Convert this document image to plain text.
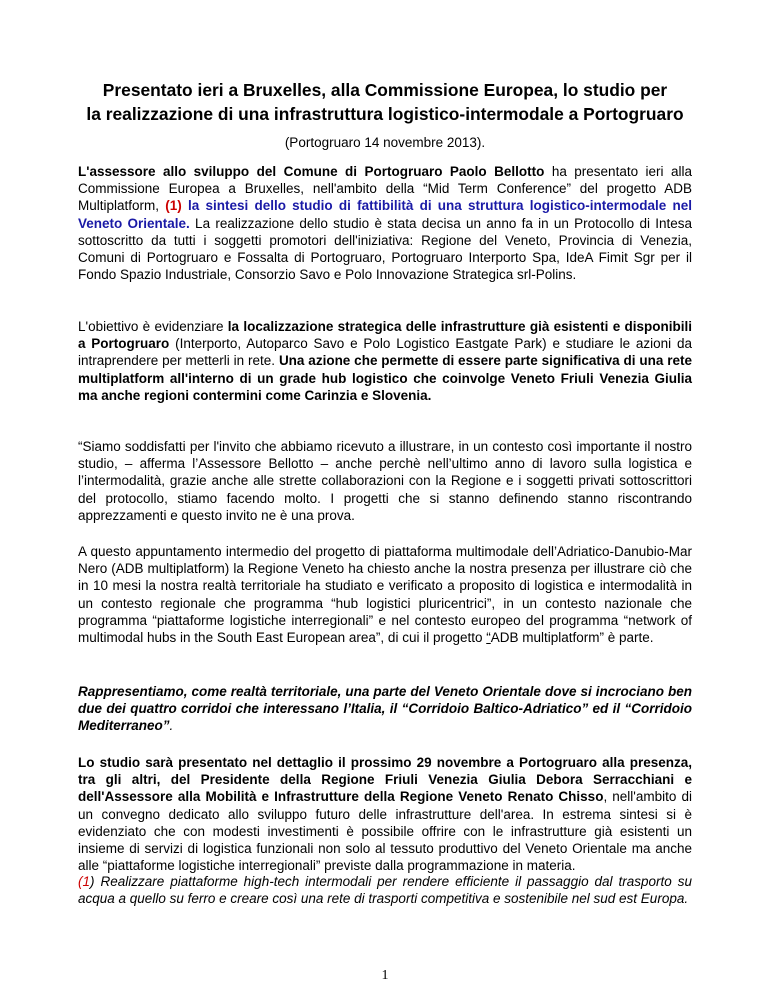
Presentato ieri a Bruxelles, alla Commissione Europea, lo studio per
la realizzazione di una infrastruttura logistico-intermodale a Portogruaro
(Portogruaro 14 novembre 2013).
L'assessore allo sviluppo del Comune di Portogruaro Paolo Bellotto ha presentato ieri alla Commissione Europea a Bruxelles, nell'ambito della “Mid Term Conference” del progetto ADB Multiplatform, (1) la sintesi dello studio di fattibilità di una struttura logistico-intermodale nel Veneto Orientale. La realizzazione dello studio è stata decisa un anno fa in un Protocollo di Intesa sottoscritto da tutti i soggetti promotori dell'iniziativa: Regione del Veneto, Provincia di Venezia, Comuni di Portogruaro e Fossalta di Portogruaro, Portogruaro Interporto Spa, IdeA Fimit Sgr per il Fondo Spazio Industriale, Consorzio Savo e Polo Innovazione Strategica srl-Polins.
L'obiettivo è evidenziare la localizzazione strategica delle infrastrutture già esistenti e disponibili a Portogruaro (Interporto, Autoparco Savo e Polo Logistico Eastgate Park) e studiare le azioni da intraprendere per metterli in rete. Una azione che permette di essere parte significativa di una rete multiplatform all'interno di un grade hub logistico che coinvolge Veneto Friuli Venezia Giulia ma anche regioni contermini come Carinzia e Slovenia.
“Siamo soddisfatti per l'invito che abbiamo ricevuto a illustrare, in un contesto così importante il nostro studio, – afferma l’Assessore Bellotto – anche perchè nell’ultimo anno di lavoro sulla logistica e l’intermodalità, grazie anche alle strette collaborazioni con la Regione e i soggetti privati sottoscrittori del protocollo, stiamo facendo molto. I progetti che si stanno definendo stanno riscontrando apprezzamenti e questo invito ne è una prova.
A questo appuntamento intermedio del progetto di piattaforma multimodale dell’Adriatico-Danubio-Mar Nero (ADB multiplatform) la Regione Veneto ha chiesto anche la nostra presenza per illustrare ciò che in 10 mesi la nostra realtà territoriale ha studiato e verificato a proposito di logistica e intermodalità in un contesto regionale che programma “hub logistici pluricentrici”, in un contesto nazionale che programma “piattaforme logistiche interregionali” e nel contesto europeo del programma “network of multimodal hubs in the South East European area”, di cui il progetto “ADB multiplatform” è parte.
Rappresentiamo, come realtà territoriale, una parte del Veneto Orientale dove si incrociano ben due dei quattro corridoi che interessano l’Italia, il “Corridoio Baltico-Adriatico” ed il “Corridoio Mediterraneo”.
Lo studio sarà presentato nel dettaglio il prossimo 29 novembre a Portogruaro alla presenza, tra gli altri, del Presidente della Regione Friuli Venezia Giulia Debora Serracchiani e dell'Assessore alla Mobilità e Infrastrutture della Regione Veneto Renato Chisso, nell'ambito di un convegno dedicato allo sviluppo futuro delle infrastrutture dell'area. In estrema sintesi si è evidenziato che con modesti investimenti è possibile offrire con le infrastrutture già esistenti un insieme di servizi di logistica funzionali non solo al tessuto produttivo del Veneto Orientale ma anche alle “piattaforme logistiche interregionali” previste dalla programmazione in materia.
(1) Realizzare piattaforme high-tech intermodali per rendere efficiente il passaggio dal trasporto su acqua a quello su ferro e creare così una rete di trasporti competitiva e sostenibile nel sud est Europa.
1
